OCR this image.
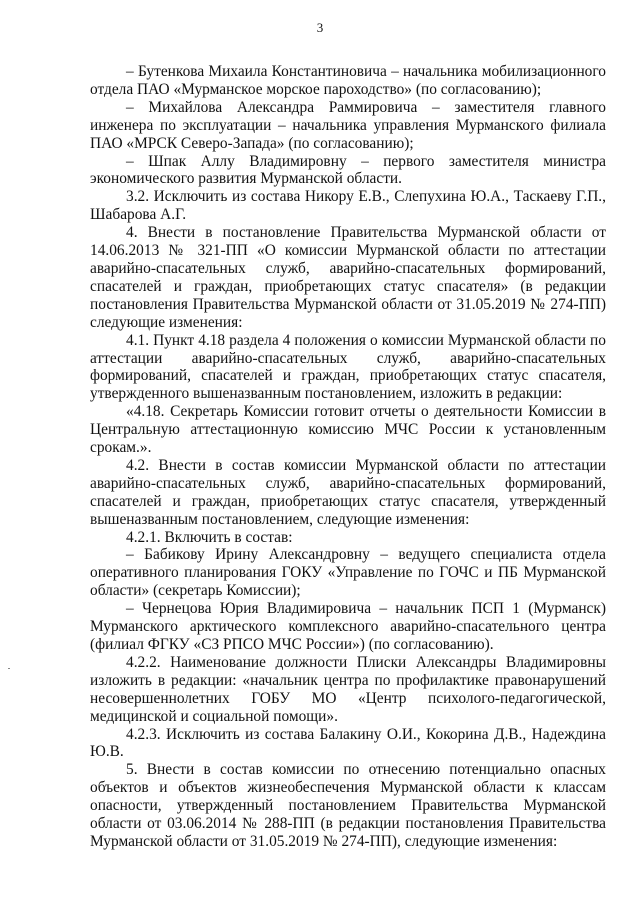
3

– Бутенкова Михаила Константиновича – начальника мобилизационного отдела ПАО «Мурманское морское пароходство» (по согласованию);

– Михайлова Александра Раммировича – заместителя главного инженера по эксплуатации – начальника управления Мурманского филиала ПАО «МРСК Северо-Запада» (по согласованию);

– Шпак Аллу Владимировну – первого заместителя министра экономического развития Мурманской области.

3.2. Исключить из состава Никору Е.В., Слепухина Ю.А., Таскаеву Г.П., Шабарова А.Г.

4. Внести в постановление Правительства Мурманской области от 14.06.2013 № 321-ПП «О комиссии Мурманской области по аттестации аварийно-спасательных служб, аварийно-спасательных формирований, спасателей и граждан, приобретающих статус спасателя» (в редакции постановления Правительства Мурманской области от 31.05.2019 № 274-ПП) следующие изменения:

4.1. Пункт 4.18 раздела 4 положения о комиссии Мурманской области по аттестации аварийно-спасательных служб, аварийно-спасательных формирований, спасателей и граждан, приобретающих статус спасателя, утвержденного вышеназванным постановлением, изложить в редакции:

«4.18. Секретарь Комиссии готовит отчеты о деятельности Комиссии в Центральную аттестационную комиссию МЧС России к установленным срокам.».

4.2. Внести в состав комиссии Мурманской области по аттестации аварийно-спасательных служб, аварийно-спасательных формирований, спасателей и граждан, приобретающих статус спасателя, утвержденный вышеназванным постановлением, следующие изменения:

4.2.1. Включить в состав:

– Бабикову Ирину Александровну – ведущего специалиста отдела оперативного планирования ГОКУ «Управление по ГОЧС и ПБ Мурманской области» (секретарь Комиссии);

– Чернецова Юрия Владимировича – начальник ПСП 1 (Мурманск) Мурманского арктического комплексного аварийно-спасательного центра (филиал ФГКУ «СЗ РПСО МЧС России») (по согласованию).

4.2.2. Наименование должности Плиски Александры Владимировны изложить в редакции: «начальник центра по профилактике правонарушений несовершеннолетних ГОБУ МО «Центр психолого-педагогической, медицинской и социальной помощи».

4.2.3. Исключить из состава Балакину О.И., Кокорина Д.В., Надеждина Ю.В.

5. Внести в состав комиссии по отнесению потенциально опасных объектов и объектов жизнеобеспечения Мурманской области к классам опасности, утвержденный постановлением Правительства Мурманской области от 03.06.2014 № 288-ПП (в редакции постановления Правительства Мурманской области от 31.05.2019 № 274-ПП), следующие изменения:
